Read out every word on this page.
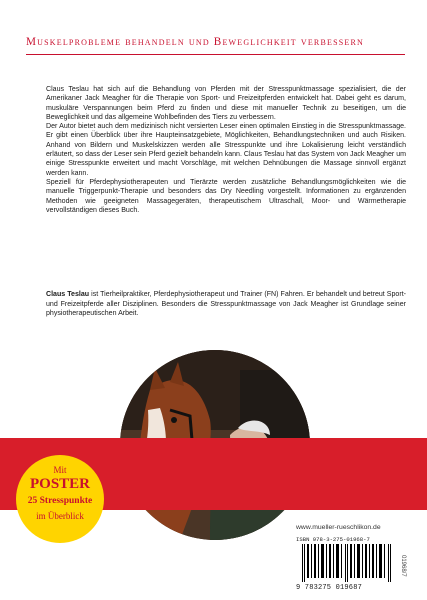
Muskelprobleme behandeln und Beweglichkeit verbessern

Claus Teslau hat sich auf die Behandlung von Pferden mit der Stresspunktmassage spezialisiert, die der Amerikaner Jack Meagher für die Therapie von Sport- und Freizeitpferden entwickelt hat. Dabei geht es darum, muskuläre Verspannungen beim Pferd zu finden und diese mit manueller Technik zu beseitigen, um die Beweglichkeit und das allgemeine Wohlbefinden des Tiers zu verbessern.

Der Autor bietet auch dem medizinisch nicht versierten Leser einen optimalen Einstieg in die Stresspunktmassage. Er gibt einen Überblick über ihre Haupteinsatzgebiete, Möglichkeiten, Behandlungstechniken und auch Risiken. Anhand von Bildern und Muskelskizzen werden alle Stresspunkte und ihre Lokalisierung leicht verständlich erläutert, so dass der Leser sein Pferd gezielt behandeln kann. Claus Teslau hat das System von Jack Meagher um einige Stresspunkte erweitert und macht Vorschläge, mit welchen Dehnübungen die Massage sinnvoll ergänzt werden kann.

Speziell für Pferdephysiotherapeuten und Tierärzte werden zusätzliche Behandlungsmöglichkeiten wie die manuelle Triggerpunkt-Therapie und besonders das Dry Needling vorgestellt. Informationen zu ergänzenden Methoden wie geeigneten Massagegeräten, therapeutischem Ultraschall, Moor- und Wärmetherapie vervollständigen dieses Buch.

Claus Teslau ist Tierheilpraktiker, Pferdephysiotherapeut und Trainer (FN) Fahren. Er behandelt und betreut Sport- und Freizeitpferde aller Disziplinen. Besonders die Stresspunktmassage von Jack Meagher ist Grundlage seiner physiotherapeutischen Arbeit.
Mit
POSTER
25 Stresspunkte
im Überblick
www.mueller-rueschlikon.de
ISBN 978-3-275-01968-7
9 783275 019687
01968/7
